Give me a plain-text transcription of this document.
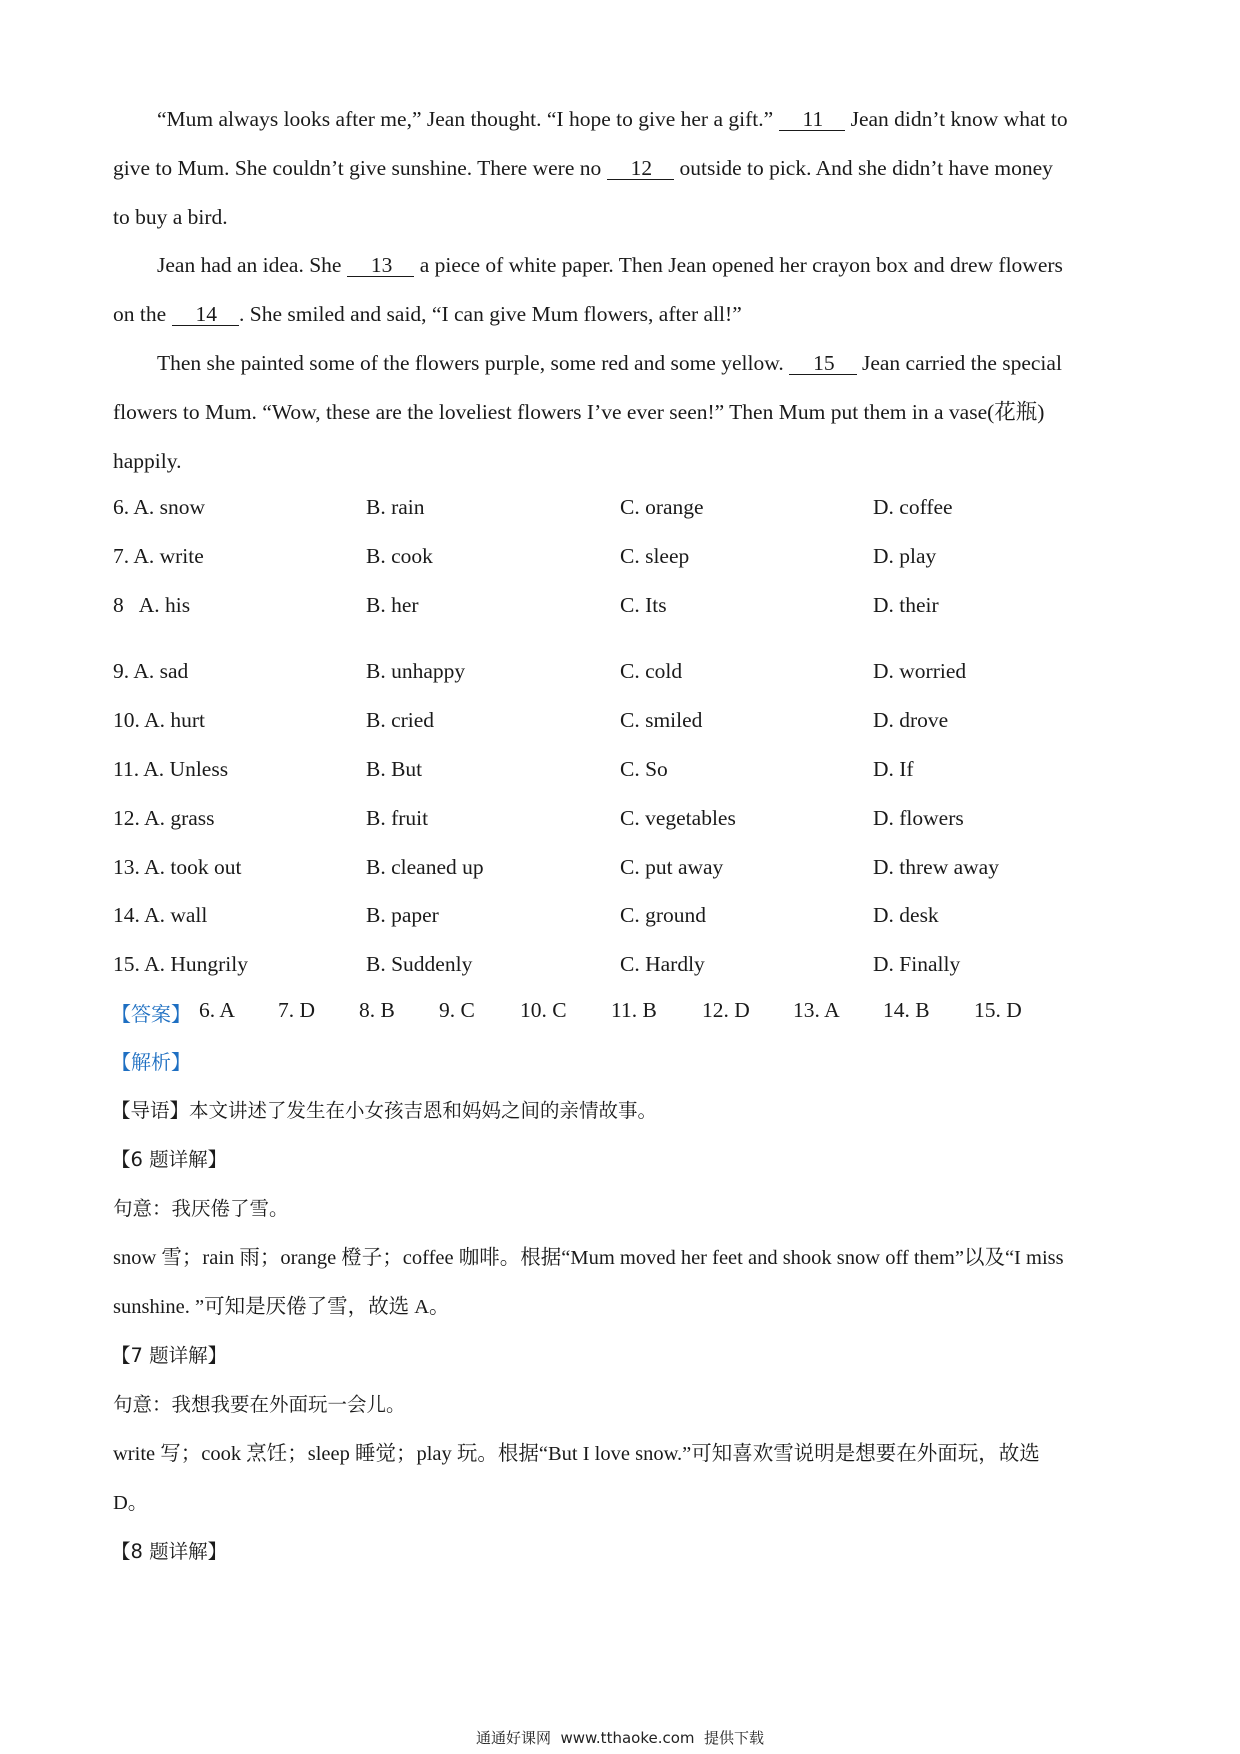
“Mum always looks after me,” Jean thought. “I hope to give her a gift.” 11 Jean didn’t know what to
give to Mum. She couldn’t give sunshine. There were no 12 outside to pick. And she didn’t have money
to buy a bird.
Jean had an idea. She 13 a piece of white paper. Then Jean opened her crayon box and drew flowers
on the 14 . She smiled and said, “I can give Mum flowers, after all!”
Then she painted some of the flowers purple, some red and some yellow. 15 Jean carried the special
flowers to Mum. “Wow, these are the loveliest flowers I’ve ever seen!” Then Mum put them in a vase(花瓶)
happily.
6. A. snow	B. rain	C. orange	D. coffee
7. A. write	B. cook	C. sleep	D. play
8   A. his	B. her	C. Its	D. their
9. A. sad	B. unhappy	C. cold	D. worried
10. A. hurt	B. cried	C. smiled	D. drove
11. A. Unless	B. But	C. So	D. If
12. A. grass	B. fruit	C. vegetables	D. flowers
13. A. took out	B. cleaned up	C. put away	D. threw away
14. A. wall	B. paper	C. ground	D. desk
15. A. Hungrily	B. Suddenly	C. Hardly	D. Finally
【答案】 6. A 7. D 8. B 9. C 10. C 11. B 12. D 13. A 14. B 15. D
【解析】
【导语】本文讲述了发生在小女孩吉恩和妈妈之间的亲情故事。
【6 题详解】
句意：我厌倦了雪。
snow 雪；rain 雨；orange 橙子；coffee 咖啡。根据“Mum moved her feet and shook snow off them”以及“I miss
sunshine. ”可知是厌倦了雪，故选 A。
【7 题详解】
句意：我想我要在外面玩一会儿。
write 写；cook 烹饪；sleep 睡觉；play 玩。根据“But I love snow.”可知喜欢雪说明是想要在外面玩，故选
D。
【8 题详解】
通通好课网  www.tthaoke.com  提供下载
